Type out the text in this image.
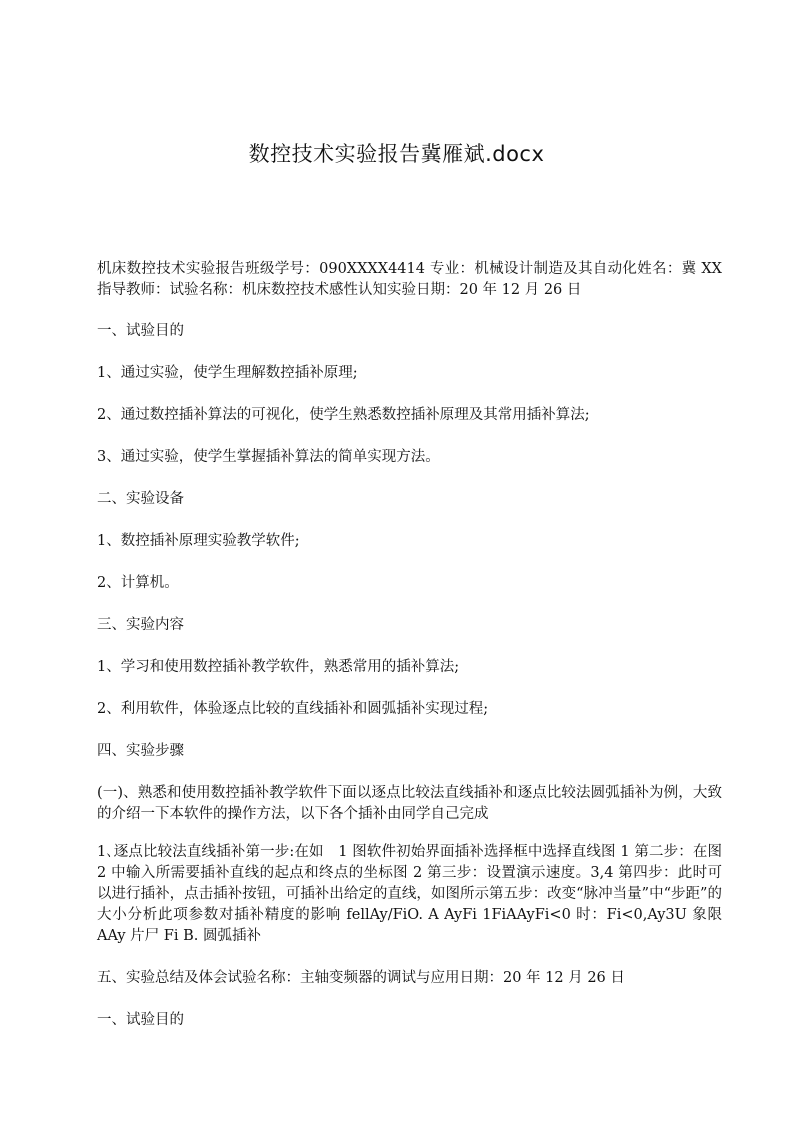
数控技术实验报告冀雁斌.docx

机床数控技术实验报告班级学号：090XXXX4414 专业：机械设计制造及其自动化姓名：冀 XX 指导教师：试验名称：机床数控技术感性认知实验日期：20 年 12 月 26 日

一、试验目的

1、通过实验，使学生理解数控插补原理;

2、通过数控插补算法的可视化，使学生熟悉数控插补原理及其常用插补算法;

3、通过实验，使学生掌握插补算法的简单实现方法。

二、实验设备

1、数控插补原理实验教学软件;

2、计算机。

三、实验内容

1、学习和使用数控插补教学软件，熟悉常用的插补算法;

2、利用软件，体验逐点比较的直线插补和圆弧插补实现过程;

四、实验步骤

(一)、熟悉和使用数控插补教学软件下面以逐点比较法直线插补和逐点比较法圆弧插补为例，大致的介绍一下本软件的操作方法，以下各个插补由同学自己完成

1､逐点比较法直线插补第一步:在如　1 图软件初始界面插补选择框中选择直线图 1 第二步：在图 2 中输入所需要插补直线的起点和终点的坐标图 2 第三步：设置演示速度。3,4 第四步：此时可以进行插补，点击插补按钮，可插补出给定的直线，如图所示第五步：改变“脉冲当量”中“步距”的大小分析此项参数对插补精度的影响 fellAy/FiO. A AyFi 1FiAAyFi<0 时：Fi<0,Ay3U 象限　AAy 片尸 Fi B. 圆弧插补

五、实验总结及体会试验名称：主轴变频器的调试与应用日期：20 年 12 月 26 日

一、试验目的
